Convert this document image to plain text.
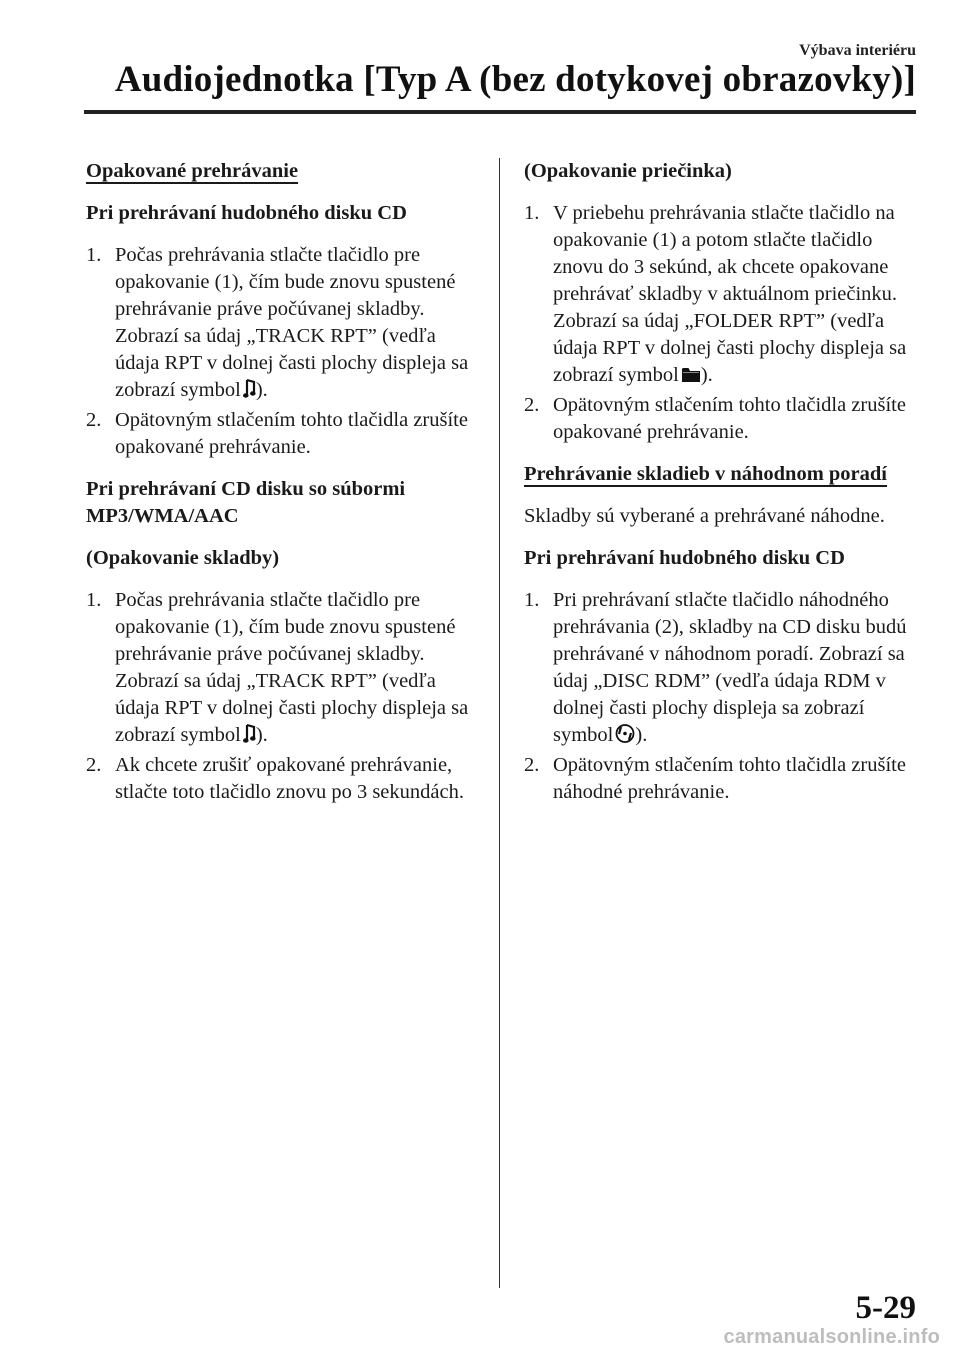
Výbava interiéru
Audiojednotka [Typ A (bez dotykovej obrazovky)]
Opakované prehrávanie
Pri prehrávaní hudobného disku CD
1. Počas prehrávania stlačte tlačidlo pre opakovanie (1), čím bude znovu spustené prehrávanie práve počúvanej skladby. Zobrazí sa údaj „TRACK RPT” (vedľa údaja RPT v dolnej časti plochy displeja sa zobrazí symbol ).
2. Opätovným stlačením tohto tlačidla zrušíte opakované prehrávanie.
Pri prehrávaní CD disku so súbormi MP3/WMA/AAC
(Opakovanie skladby)
1. Počas prehrávania stlačte tlačidlo pre opakovanie (1), čím bude znovu spustené prehrávanie práve počúvanej skladby. Zobrazí sa údaj „TRACK RPT” (vedľa údaja RPT v dolnej časti plochy displeja sa zobrazí symbol ).
2. Ak chcete zrušiť opakované prehrávanie, stlačte toto tlačidlo znovu po 3 sekundách.
(Opakovanie priečinka)
1. V priebehu prehrávania stlačte tlačidlo na opakovanie (1) a potom stlačte tlačidlo znovu do 3 sekúnd, ak chcete opakovane prehrávať skladby v aktuálnom priečinku. Zobrazí sa údaj „FOLDER RPT” (vedľa údaja RPT v dolnej časti plochy displeja sa zobrazí symbol ).
2. Opätovným stlačením tohto tlačidla zrušíte opakované prehrávanie.
Prehrávanie skladieb v náhodnom poradí
Skladby sú vyberané a prehrávané náhodne.
Pri prehrávaní hudobného disku CD
1. Pri prehrávaní stlačte tlačidlo náhodného prehrávania (2), skladby na CD disku budú prehrávané v náhodnom poradí. Zobrazí sa údaj „DISC RDM” (vedľa údaja RDM v dolnej časti plochy displeja sa zobrazí symbol ).
2. Opätovným stlačením tohto tlačidla zrušíte náhodné prehrávanie.
5-29
carmanualsonline.info
